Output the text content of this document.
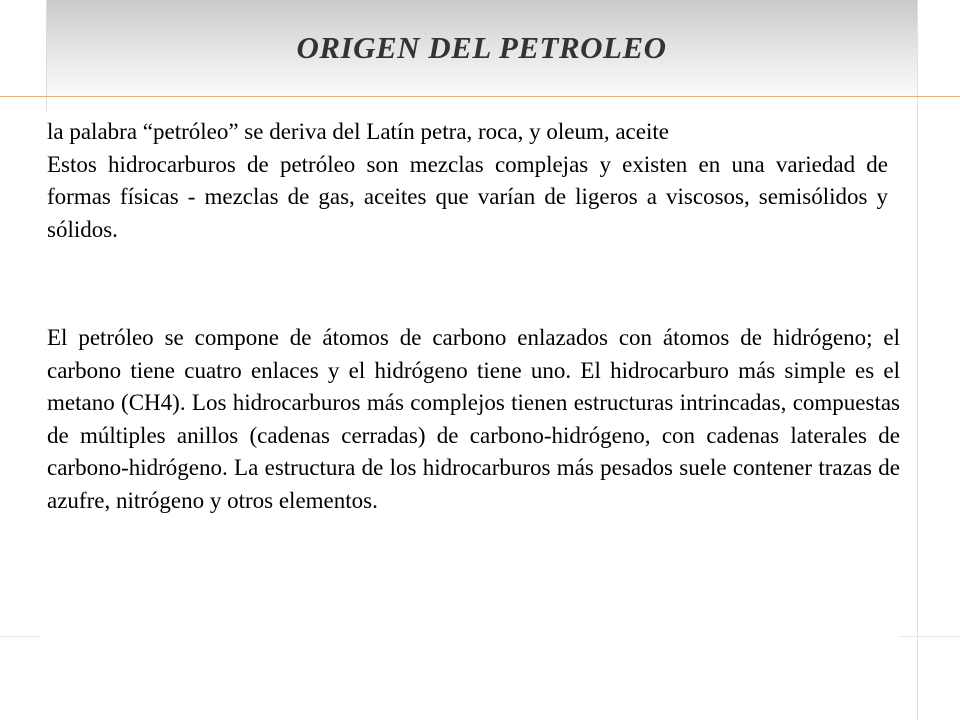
ORIGEN DEL PETROLEO

la palabra “petróleo” se deriva del Latín petra, roca, y oleum, aceite
Estos hidrocarburos de petróleo son mezclas complejas y existen en una variedad de formas físicas - mezclas de gas, aceites que varían de ligeros a viscosos, semisólidos y sólidos.

El petróleo se compone de átomos de carbono enlazados con átomos de hidrógeno; el carbono tiene cuatro enlaces y el hidrógeno tiene uno. El hidrocarburo más simple es el metano (CH4). Los hidrocarburos más complejos tienen estructuras intrincadas, compuestas de múltiples anillos (cadenas cerradas) de carbono-hidrógeno, con cadenas laterales de carbono-hidrógeno. La estructura de los hidrocarburos más pesados suele contener trazas de azufre, nitrógeno y otros elementos.
